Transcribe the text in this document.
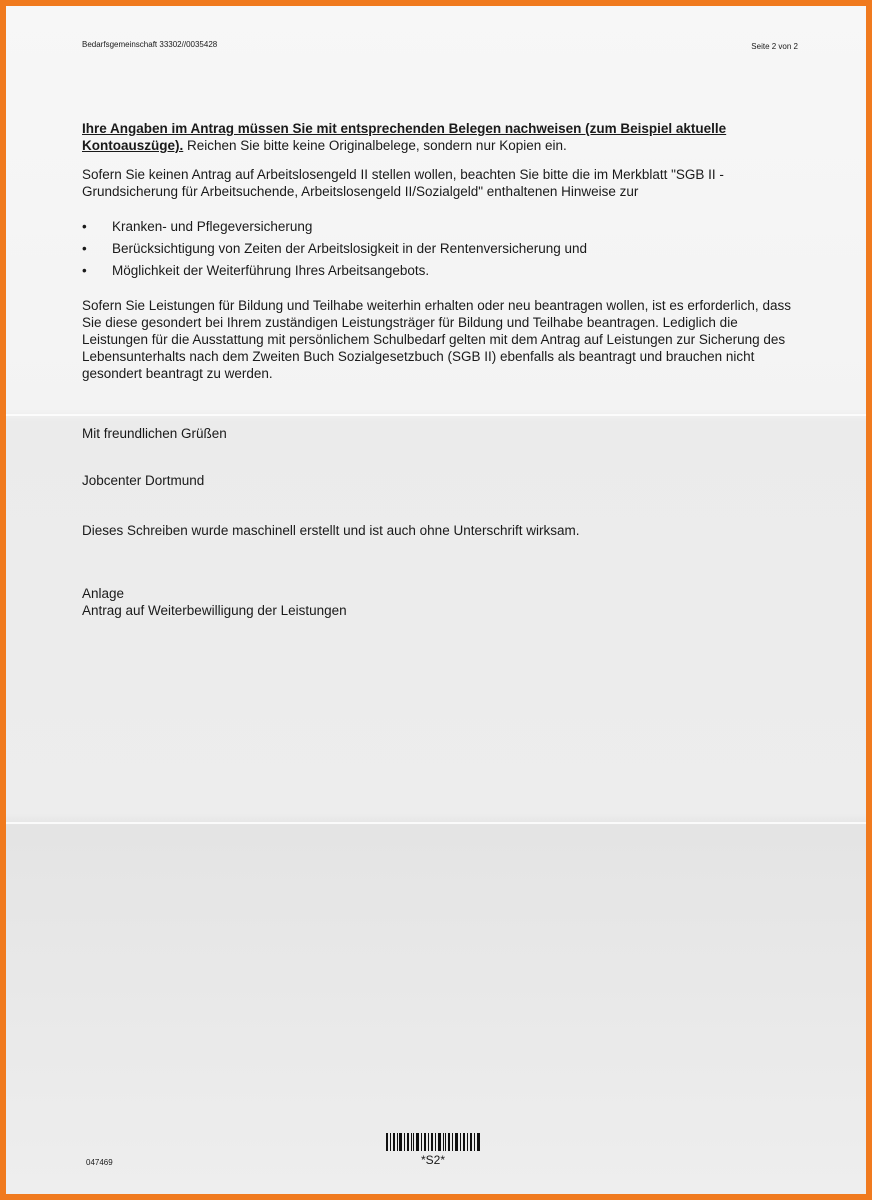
Bedarfsgemeinschaft 33302//0035428	Seite 2 von 2

Ihre Angaben im Antrag müssen Sie mit entsprechenden Belegen nachweisen (zum Beispiel aktuelle Kontoauszüge). Reichen Sie bitte keine Originalbelege, sondern nur Kopien ein.

Sofern Sie keinen Antrag auf Arbeitslosengeld II stellen wollen, beachten Sie bitte die im Merkblatt "SGB II - Grundsicherung für Arbeitsuchende, Arbeitslosengeld II/Sozialgeld" enthaltenen Hinweise zur

• Kranken- und Pflegeversicherung
• Berücksichtigung von Zeiten der Arbeitslosigkeit in der Rentenversicherung und
• Möglichkeit der Weiterführung Ihres Arbeitsangebots.

Sofern Sie Leistungen für Bildung und Teilhabe weiterhin erhalten oder neu beantragen wollen, ist es erforderlich, dass Sie diese gesondert bei Ihrem zuständigen Leistungsträger für Bildung und Teilhabe beantragen. Lediglich die Leistungen für die Ausstattung mit persönlichem Schulbedarf gelten mit dem Antrag auf Leistungen zur Sicherung des Lebensunterhalts nach dem Zweiten Buch Sozialgesetzbuch (SGB II) ebenfalls als beantragt und brauchen nicht gesondert beantragt zu werden.

Mit freundlichen Grüßen
Jobcenter Dortmund
Dieses Schreiben wurde maschinell erstellt und ist auch ohne Unterschrift wirksam.
Anlage
Antrag auf Weiterbewilligung der Leistungen
047469	*S2*
